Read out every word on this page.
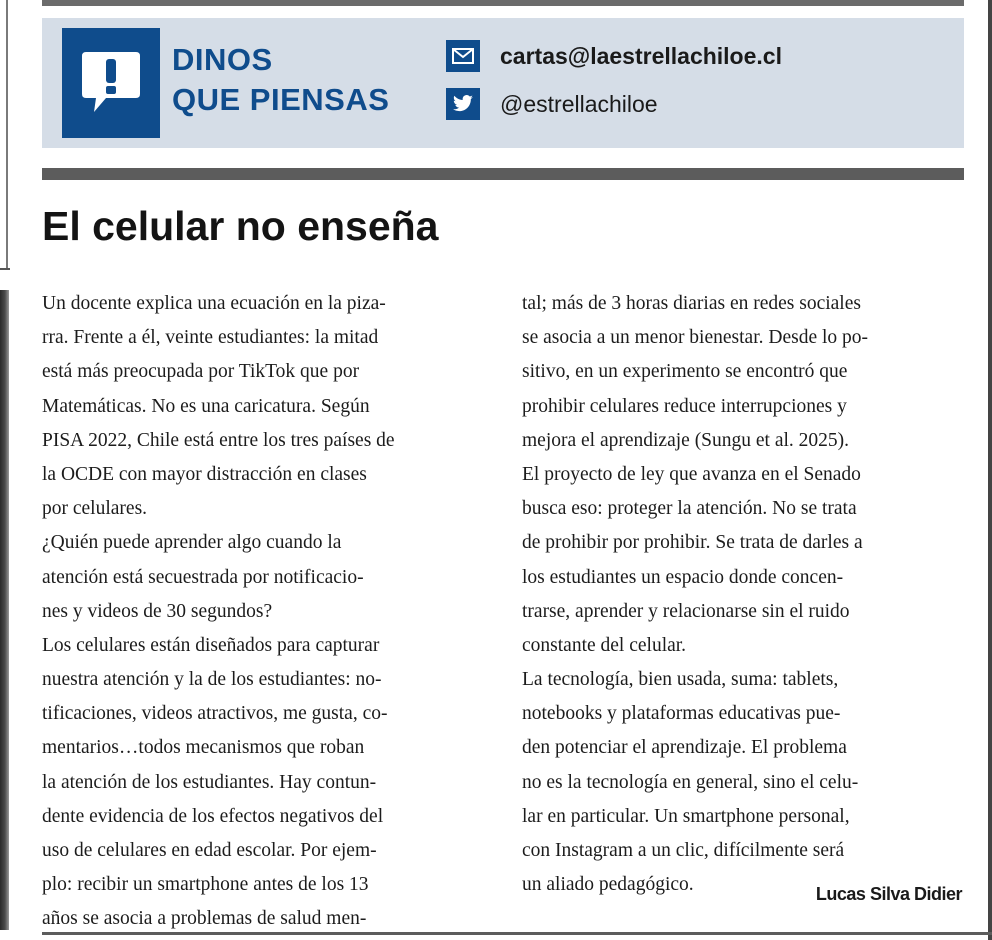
DINOS
QUE PIENSAS
cartas@laestrellachiloe.cl
@estrellachiloe
El celular no enseña
Un docente explica una ecuación en la piza-
rra. Frente a él, veinte estudiantes: la mitad
está más preocupada por TikTok que por
Matemáticas. No es una caricatura. Según
PISA 2022, Chile está entre los tres países de
la OCDE con mayor distracción en clases
por celulares.
¿Quién puede aprender algo cuando la
atención está secuestrada por notificacio-
nes y videos de 30 segundos?
Los celulares están diseñados para capturar
nuestra atención y la de los estudiantes: no-
tificaciones, videos atractivos, me gusta, co-
mentarios…todos mecanismos que roban
la atención de los estudiantes. Hay contun-
dente evidencia de los efectos negativos del
uso de celulares en edad escolar. Por ejem-
plo: recibir un smartphone antes de los 13
años se asocia a problemas de salud men-
tal; más de 3 horas diarias en redes sociales
se asocia a un menor bienestar. Desde lo po-
sitivo, en un experimento se encontró que
prohibir celulares reduce interrupciones y
mejora el aprendizaje (Sungu et al. 2025).
El proyecto de ley que avanza en el Senado
busca eso: proteger la atención. No se trata
de prohibir por prohibir. Se trata de darles a
los estudiantes un espacio donde concen-
trarse, aprender y relacionarse sin el ruido
constante del celular.
La tecnología, bien usada, suma: tablets,
notebooks y plataformas educativas pue-
den potenciar el aprendizaje. El problema
no es la tecnología en general, sino el celu-
lar en particular. Un smartphone personal,
con Instagram a un clic, difícilmente será
un aliado pedagógico.	Lucas Silva Didier
